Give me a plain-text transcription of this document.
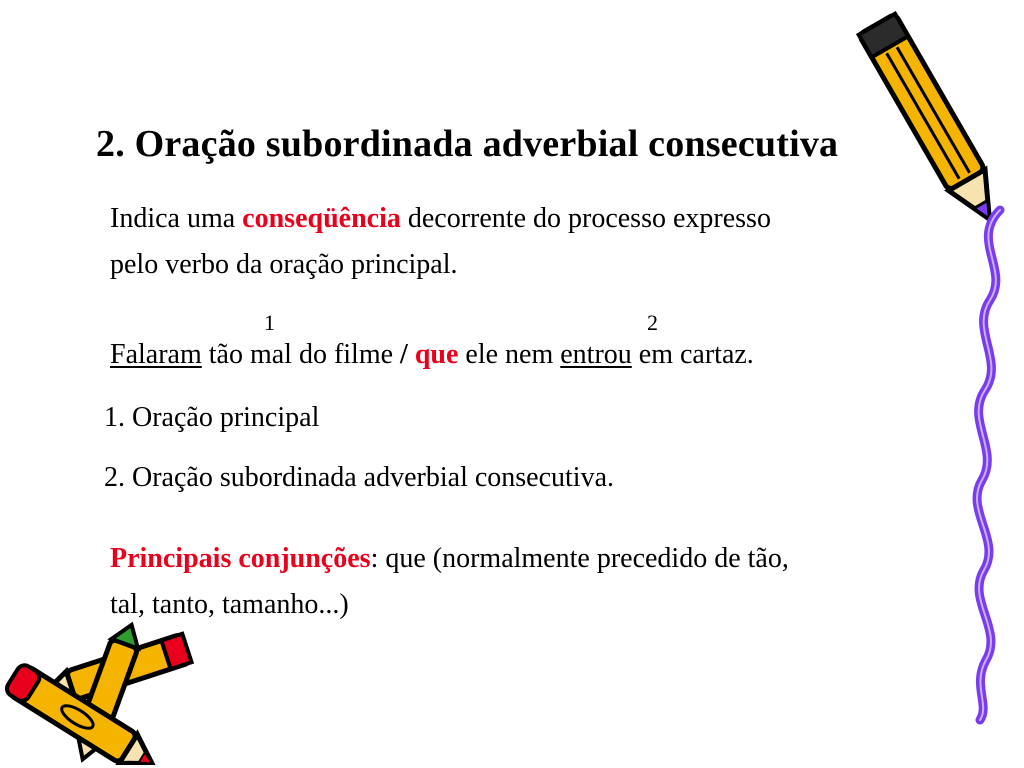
2. Oração subordinada adverbial consecutiva
Indica uma conseqüência decorrente do processo expresso
pelo verbo da oração principal.
1	2
Falaram tão mal do filme / que ele nem entrou em cartaz.
1. Oração principal
2. Oração subordinada adverbial consecutiva.
Principais conjunções: que (normalmente precedido de tão,
tal, tanto, tamanho...)
